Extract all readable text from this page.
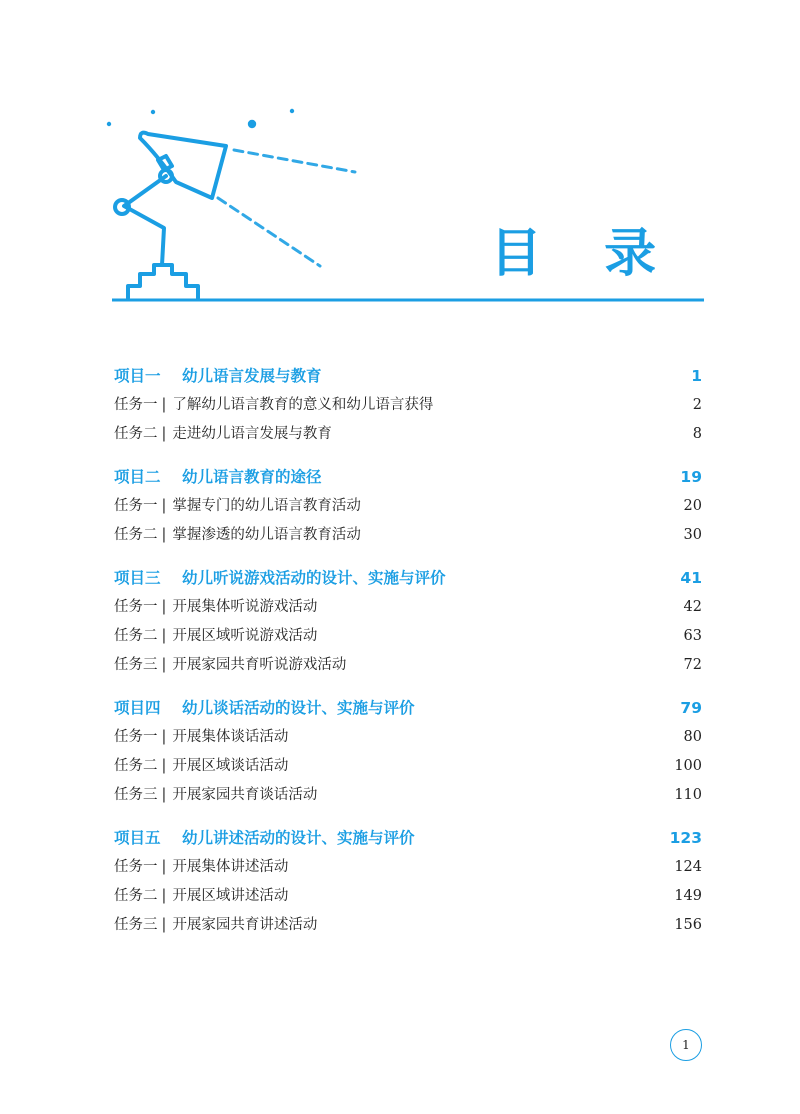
目 录
项目一	幼儿语言发展与教育	1
任务一 | 了解幼儿语言教育的意义和幼儿语言获得	2
任务二 | 走进幼儿语言发展与教育	8
项目二	幼儿语言教育的途径	19
任务一 | 掌握专门的幼儿语言教育活动	20
任务二 | 掌握渗透的幼儿语言教育活动	30
项目三	幼儿听说游戏活动的设计、实施与评价	41
任务一 | 开展集体听说游戏活动	42
任务二 | 开展区域听说游戏活动	63
任务三 | 开展家园共育听说游戏活动	72
项目四	幼儿谈话活动的设计、实施与评价	79
任务一 | 开展集体谈话活动	80
任务二 | 开展区域谈话活动	100
任务三 | 开展家园共育谈话活动	110
项目五	幼儿讲述活动的设计、实施与评价	123
任务一 | 开展集体讲述活动	124
任务二 | 开展区域讲述活动	149
任务三 | 开展家园共育讲述活动	156
1
